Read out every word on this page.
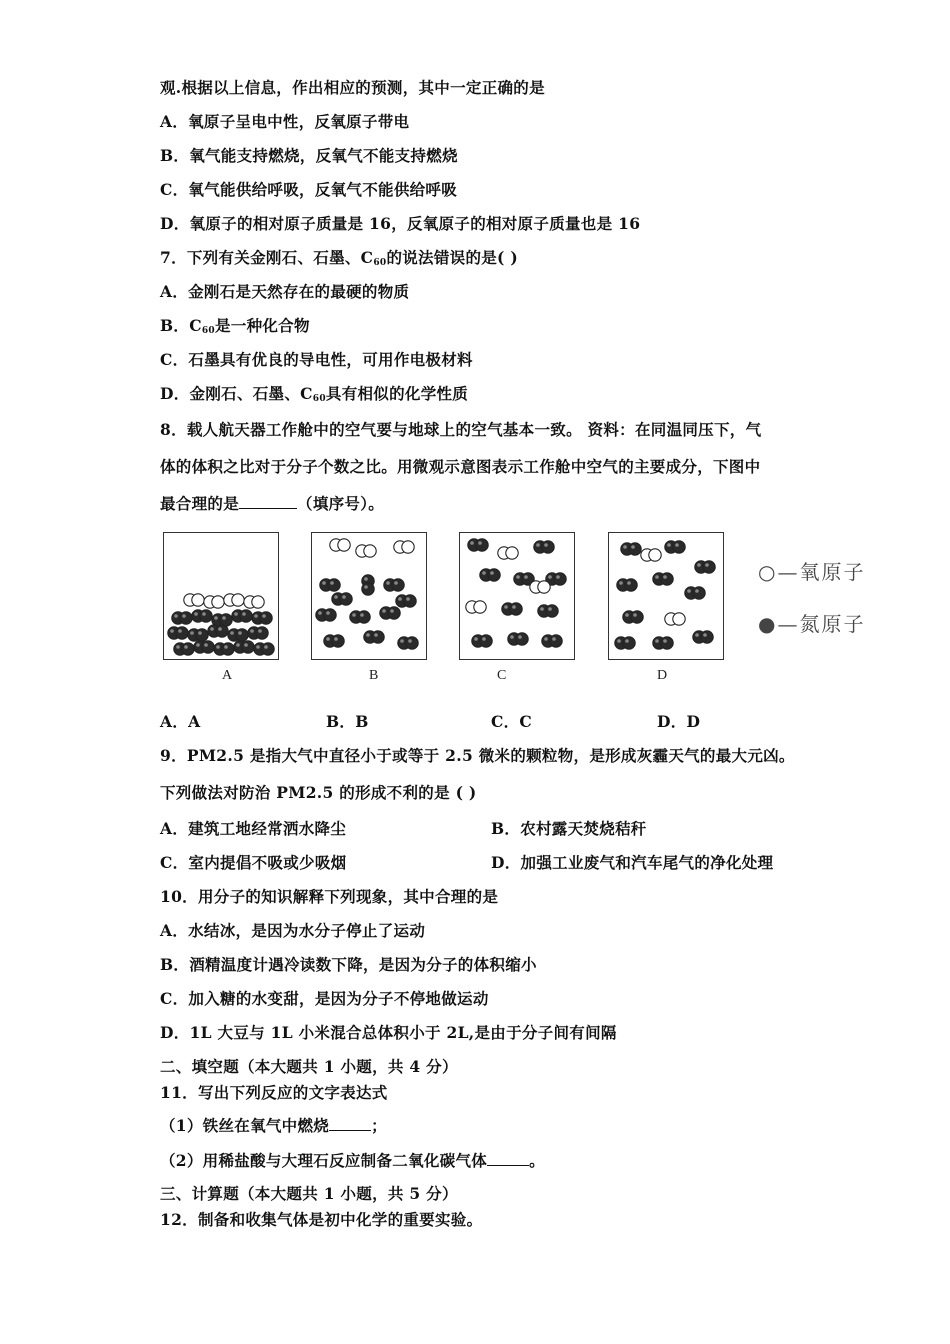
观.根据以上信息，作出相应的预测，其中一定正确的是
A．氧原子呈电中性，反氧原子带电
B．氧气能支持燃烧，反氧气不能支持燃烧
C．氧气能供给呼吸，反氧气不能供给呼吸
D．氧原子的相对原子质量是 16，反氧原子的相对原子质量也是 16
7．下列有关金刚石、石墨、$C_{60}$的说法错误的是( )
A．金刚石是天然存在的最硬的物质
B．$C_{60}$是一种化合物
C．石墨具有优良的导电性，可用作电极材料
D．金刚石、石墨、$C_{60}$具有相似的化学性质
8．载人航天器工作舱中的空气要与地球上的空气基本一致。 资料：在同温同压下，气
体的体积之比对于分子个数之比。用微观示意图表示工作舱中空气的主要成分，下图中
最合理的是	（填序号）。
A	B	C	D
○—氧原子
●—氮原子
A．A	B．B	C．C	D．D
9．PM2.5 是指大气中直径小于或等于 2.5 微米的颗粒物，是形成灰霾天气的最大元凶。
下列做法对防治 PM2.5 的形成不利的是 ( )
A．建筑工地经常洒水降尘	B．农村露天焚烧秸秆
C．室内提倡不吸或少吸烟	D．加强工业废气和汽车尾气的净化处理
10．用分子的知识解释下列现象，其中合理的是
A．水结冰，是因为水分子停止了运动
B．酒精温度计遇冷读数下降，是因为分子的体积缩小
C．加入糖的水变甜，是因为分子不停地做运动
D．1L 大豆与 1L 小米混合总体积小于 2L,是由于分子间有间隔
二、填空题（本大题共 1 小题，共 4 分）
11．写出下列反应的文字表达式
（1）铁丝在氧气中燃烧	；
（2）用稀盐酸与大理石反应制备二氧化碳气体	。
三、计算题（本大题共 1 小题，共 5 分）
12．制备和收集气体是初中化学的重要实验。
